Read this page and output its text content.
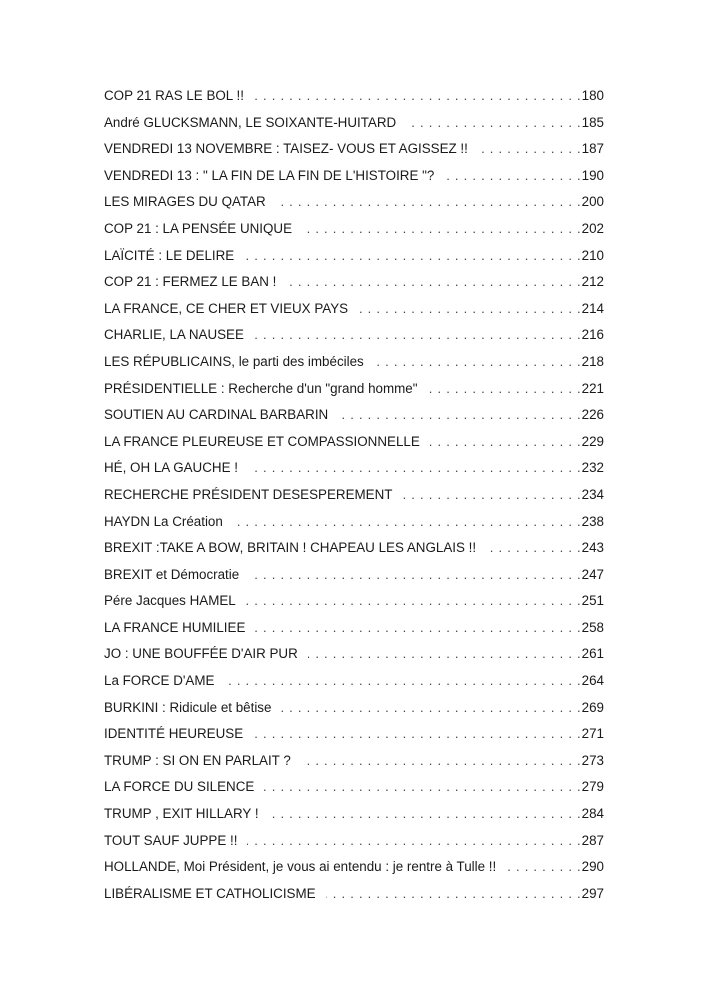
COP 21 RAS LE BOL !! . . .	180
André GLUCKSMANN, LE SOIXANTE-HUITARD . . .	185
VENDREDI 13 NOVEMBRE : TAISEZ- VOUS ET AGISSEZ !! . . .	187
VENDREDI 13 : " LA FIN DE LA FIN DE L'HISTOIRE "? . . .	190
LES MIRAGES DU QATAR . . .	200
COP 21 : LA PENSÉE UNIQUE . . .	202
LAÏCITÉ : LE DELIRE . . .	210
COP 21 : FERMEZ LE BAN ! . . .	212
LA FRANCE, CE CHER ET VIEUX PAYS . . .	214
CHARLIE, LA NAUSEE . . .	216
LES RÉPUBLICAINS, le parti des imbéciles . . .	218
PRÉSIDENTIELLE : Recherche d'un "grand homme" . . .	221
SOUTIEN AU CARDINAL BARBARIN . . .	226
LA FRANCE PLEUREUSE ET COMPASSIONNELLE . . .	229
HÉ, OH LA GAUCHE ! . . .	232
RECHERCHE PRÉSIDENT DESESPEREMENT . . .	234
HAYDN La Création . . .	238
BREXIT :TAKE A BOW, BRITAIN ! CHAPEAU LES ANGLAIS !! . . .	243
BREXIT et Démocratie . . .	247
Pére Jacques HAMEL . . .	251
LA FRANCE HUMILIEE . . .	258
JO : UNE BOUFFÉE D'AIR PUR . . .	261
La FORCE D'AME . . .	264
BURKINI : Ridicule et bêtise . . .	269
IDENTITÉ HEUREUSE . . .	271
TRUMP : SI ON EN PARLAIT ? . . .	273
LA FORCE DU SILENCE . . .	279
TRUMP , EXIT HILLARY ! . . .	284
TOUT SAUF JUPPE !! . . .	287
HOLLANDE, Moi Président, je vous ai entendu : je rentre à Tulle !! . . .	290
LIBÉRALISME ET CATHOLICISME . . .	297
